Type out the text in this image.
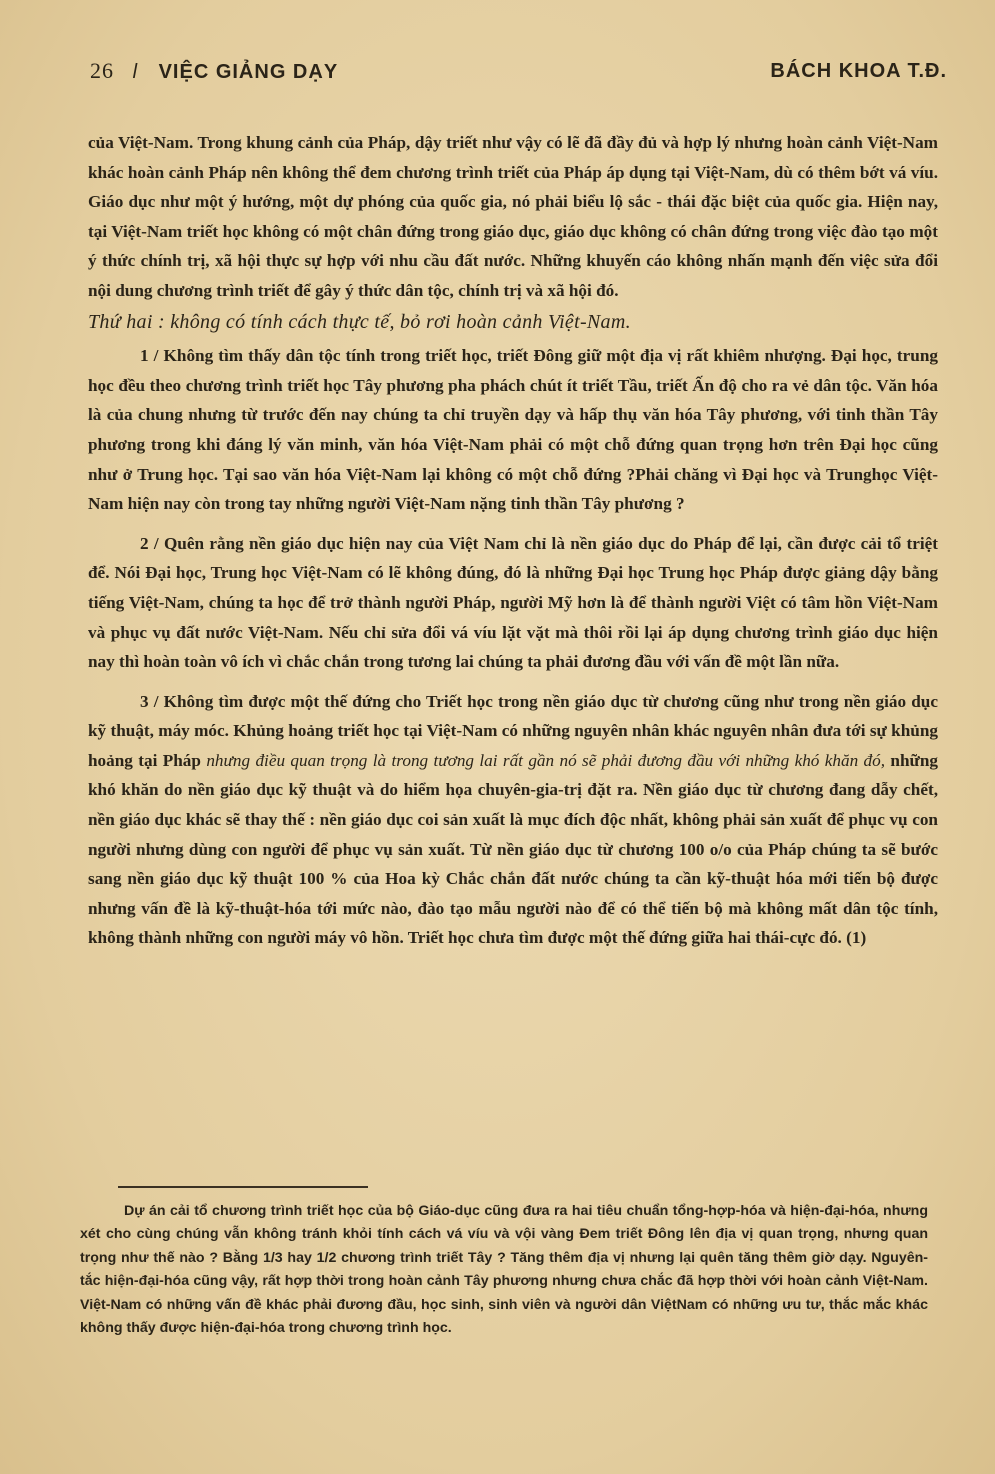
26 l VIỆC GIẢNG DẠY	BÁCH KHOA T.Đ.

của Việt-Nam. Trong khung cảnh của Pháp, dậy triết như vậy có lẽ đã đầy đủ và hợp lý nhưng hoàn cảnh Việt-Nam khác hoàn cảnh Pháp nên không thể đem chương trình triết của Pháp áp dụng tại Việt-Nam, dù có thêm bớt vá víu. Giáo dục như một ý hướng, một dự phóng của quốc gia, nó phải biểu lộ sắc - thái đặc biệt của quốc gia. Hiện nay, tại Việt-Nam triết học không có một chân đứng trong giáo dục, giáo dục không có chân đứng trong việc đào tạo một ý thức chính trị, xã hội thực sự hợp với nhu cầu đất nước. Những khuyến cáo không nhấn mạnh đến việc sửa đổi nội dung chương trình triết để gây ý thức dân tộc, chính trị và xã hội đó.

Thứ hai : không có tính cách thực tế, bỏ rơi hoàn cảnh Việt-Nam.

1 / Không tìm thấy dân tộc tính trong triết học, triết Đông giữ một địa vị rất khiêm nhượng. Đại học, trung học đều theo chương trình triết học Tây phương pha phách chút ít triết Tầu, triết Ấn độ cho ra vẻ dân tộc. Văn hóa là của chung nhưng từ trước đến nay chúng ta chỉ truyền dạy và hấp thụ văn hóa Tây phương, với tinh thần Tây phương trong khi đáng lý văn minh, văn hóa Việt-Nam phải có một chỗ đứng quan trọng hơn trên Đại học cũng như ở Trung học. Tại sao văn hóa Việt-Nam lại không có một chỗ đứng ?Phải chăng vì Đại học và Trunghọc Việt-Nam hiện nay còn trong tay những người Việt-Nam nặng tinh thần Tây phương ?

2 / Quên rằng nền giáo dục hiện nay của Việt Nam chỉ là nền giáo dục do Pháp để lại, cần được cải tổ triệt để. Nói Đại học, Trung học Việt-Nam có lẽ không đúng, đó là những Đại học Trung học Pháp được giảng dậy bằng tiếng Việt-Nam, chúng ta học để trở thành người Pháp, người Mỹ hơn là để thành người Việt có tâm hồn Việt-Nam và phục vụ đất nước Việt-Nam. Nếu chỉ sửa đổi vá víu lặt vặt mà thôi rồi lại áp dụng chương trình giáo dục hiện nay thì hoàn toàn vô ích vì chắc chắn trong tương lai chúng ta phải đương đầu với vấn đề một lần nữa.

3 / Không tìm được một thế đứng cho Triết học trong nền giáo dục từ chương cũng như trong nền giáo dục kỹ thuật, máy móc. Khủng hoảng triết học tại Việt-Nam có những nguyên nhân khác nguyên nhân đưa tới sự khủng hoảng tại Pháp nhưng điều quan trọng là trong tương lai rất gần nó sẽ phải đương đầu với những khó khăn đó, những khó khăn do nền giáo dục kỹ thuật và do hiểm họa chuyên-gia-trị đặt ra. Nền giáo dục từ chương đang dẫy chết, nền giáo dục khác sẽ thay thế : nền giáo dục coi sản xuất là mục đích độc nhất, không phải sản xuất để phục vụ con người nhưng dùng con người để phục vụ sản xuất. Từ nền giáo dục từ chương 100 o/o của Pháp chúng ta sẽ bước sang nền giáo dục kỹ thuật 100 % của Hoa kỳ Chắc chắn đất nước chúng ta cần kỹ-thuật hóa mới tiến bộ được nhưng vấn đề là kỹ-thuật-hóa tới mức nào, đào tạo mẫu người nào để có thể tiến bộ mà không mất dân tộc tính, không thành những con người máy vô hồn. Triết học chưa tìm được một thế đứng giữa hai thái-cực đó. (1)

Dự án cải tổ chương trình triết học của bộ Giáo-dục cũng đưa ra hai tiêu chuẩn tổng-hợp-hóa và hiện-đại-hóa, nhưng xét cho cùng chúng vẫn không tránh khỏi tính cách vá víu và vội vàng Đem triết Đông lên địa vị quan trọng, nhưng quan trọng như thế nào ? Bằng 1/3 hay 1/2 chương trình triết Tây ? Tăng thêm địa vị nhưng lại quên tăng thêm giờ dạy. Nguyên-tắc hiện-đại-hóa cũng vậy, rất hợp thời trong hoàn cảnh Tây phương nhưng chưa chắc đã hợp thời với hoàn cảnh Việt-Nam. Việt-Nam có những vấn đề khác phải đương đầu, học sinh, sinh viên và người dân ViệtNam có những ưu tư, thắc mắc khác không thấy được hiện-đại-hóa trong chương trình học.
